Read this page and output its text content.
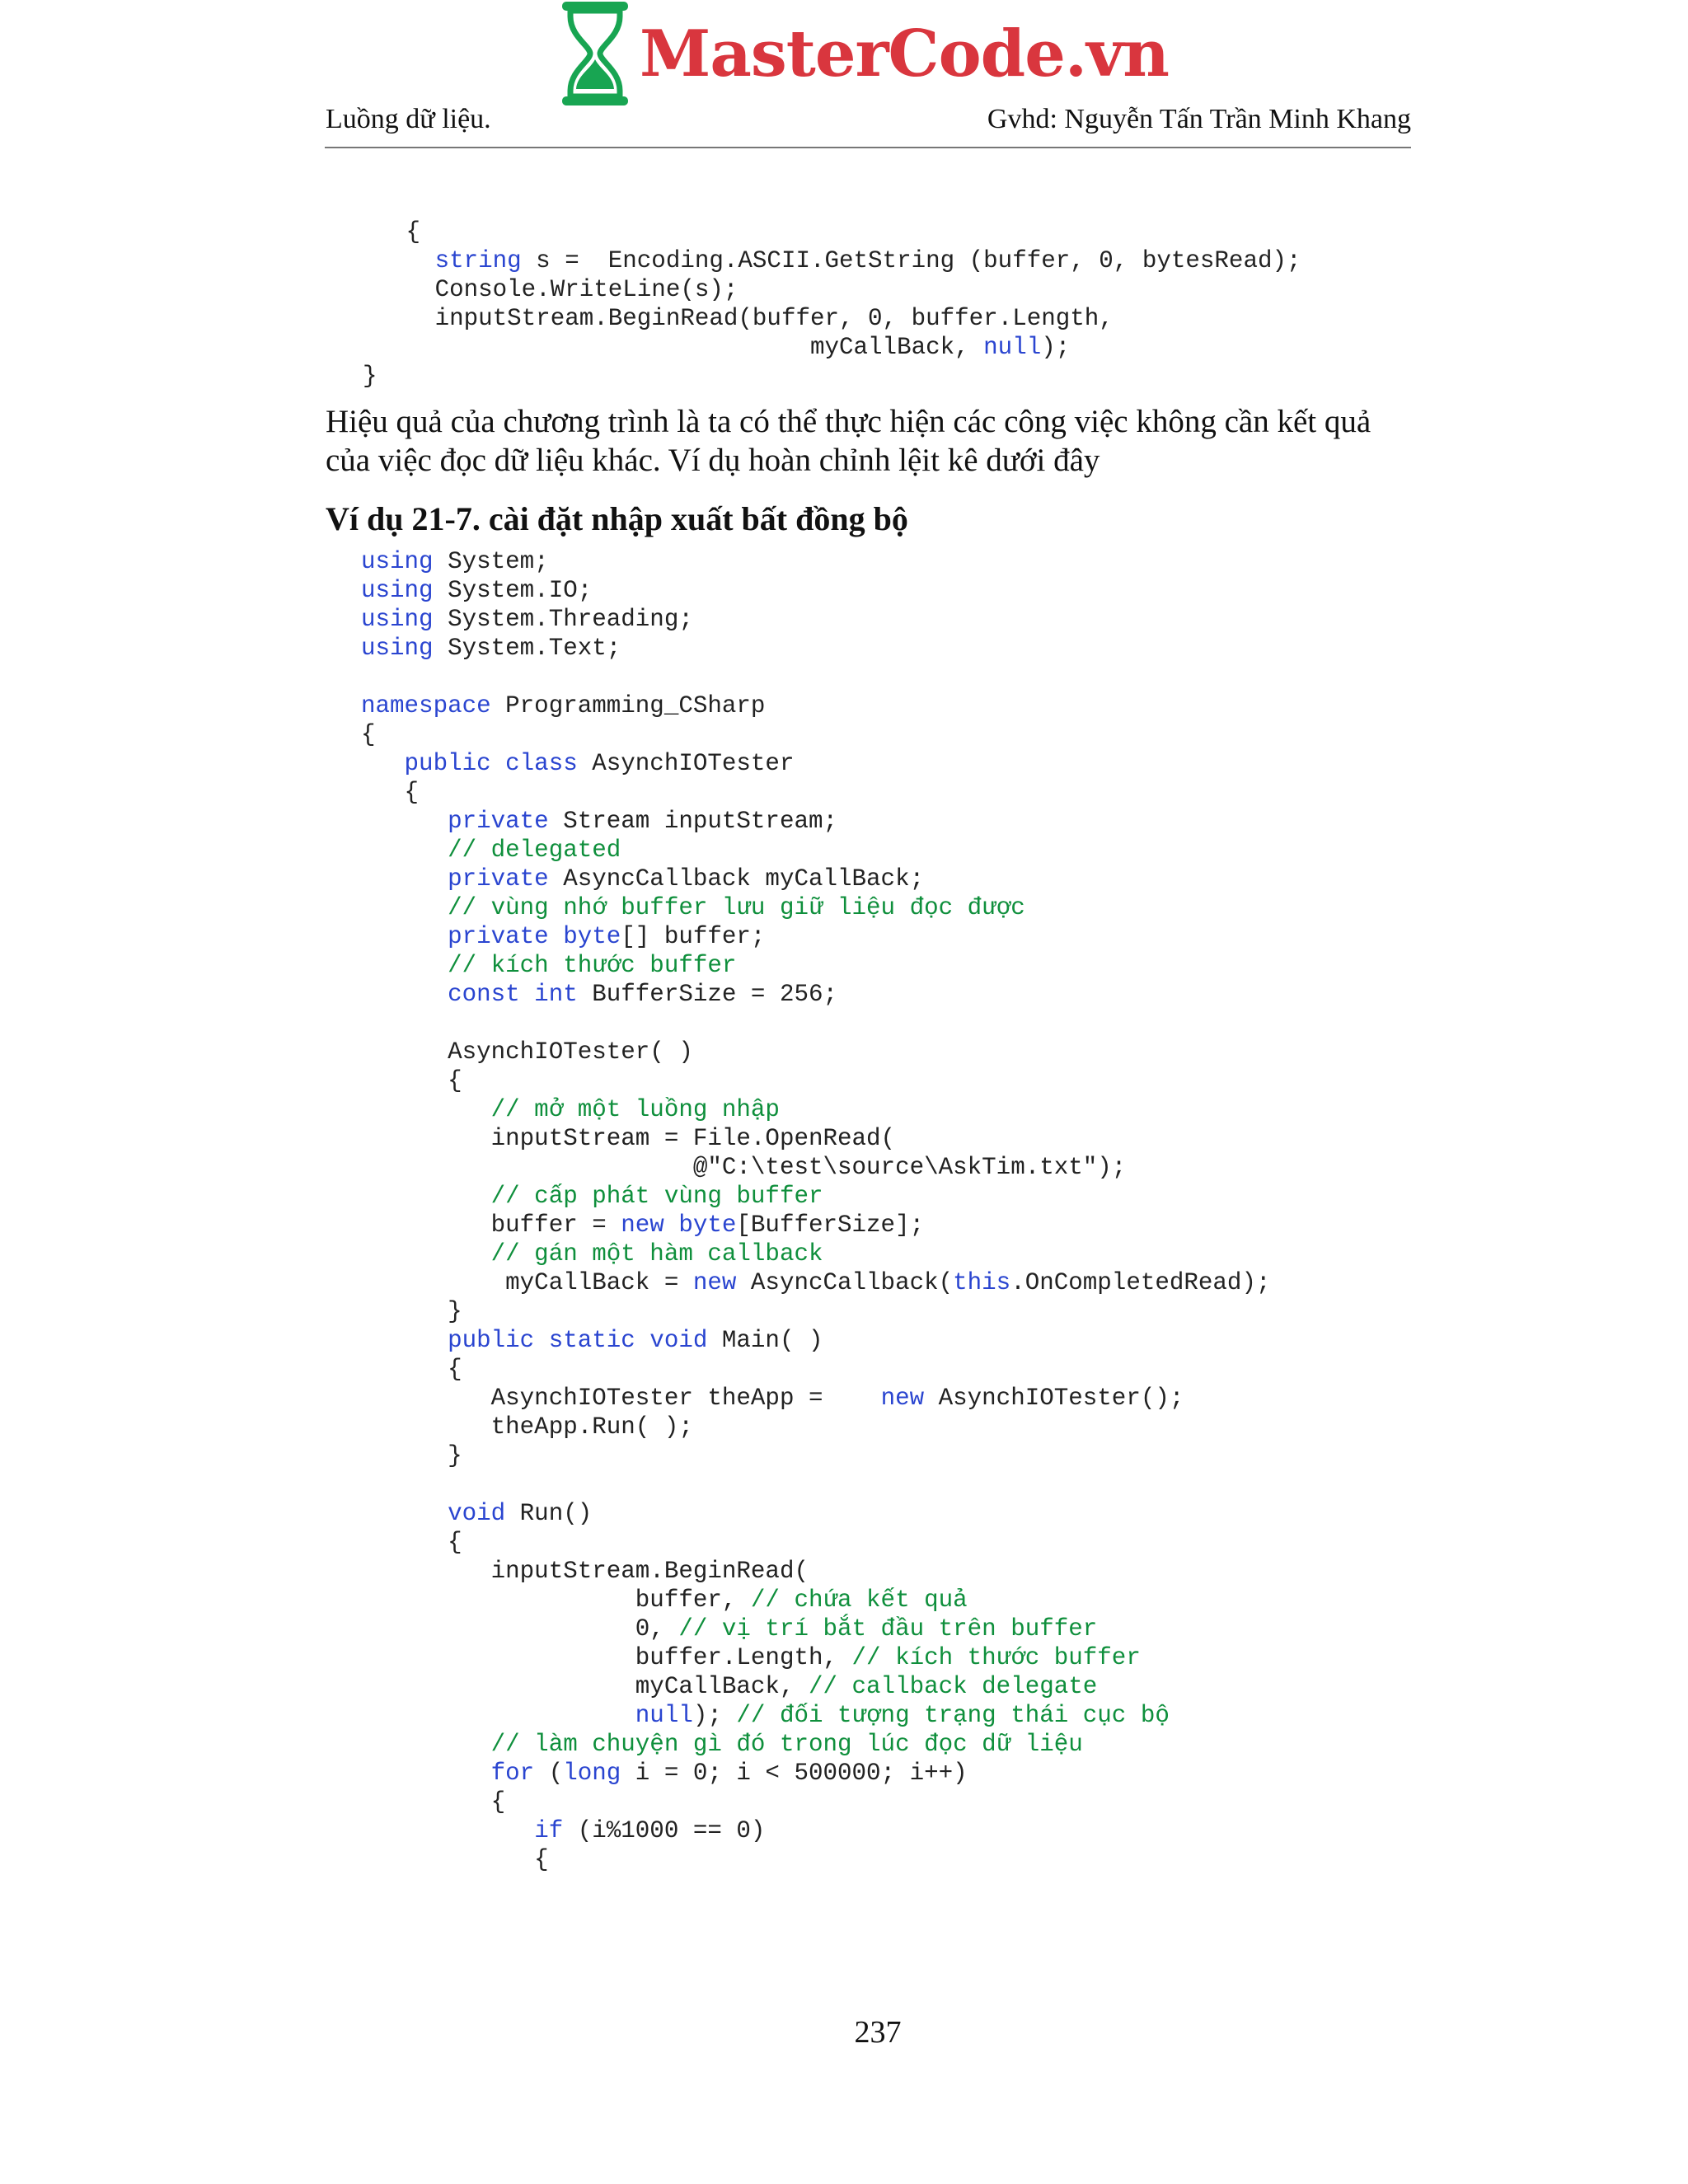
MasterCode.vn
Luồng dữ liệu.	Gvhd: Nguyễn Tấn Trần Minh Khang
{
string s =  Encoding.ASCII.GetString (buffer, 0, bytesRead);
Console.WriteLine(s);
inputStream.BeginRead(buffer, 0, buffer.Length,
myCallBack, null);
}
Hiệu quả của chương trình là ta có thể thực hiện các công việc không cần kết quả
của việc đọc dữ liệu khác. Ví dụ hoàn chỉnh lệit kê dưới đây
Ví dụ 21-7. cài đặt nhập xuất bất đồng bộ
using System;
using System.IO;
using System.Threading;
using System.Text;
namespace Programming_CSharp
{
public class AsynchIOTester
{
private Stream inputStream;
// delegated
private AsyncCallback myCallBack;
// vùng nhớ buffer lưu giữ liệu đọc được
private byte[] buffer;
// kích thước buffer
const int BufferSize = 256;
AsynchIOTester( )
{
// mở một luồng nhập
inputStream = File.OpenRead(
@"C:\test\source\AskTim.txt");
// cấp phát vùng buffer
buffer = new byte[BufferSize];
// gán một hàm callback
myCallBack = new AsyncCallback(this.OnCompletedRead);
}
public static void Main( )
{
AsynchIOTester theApp =    new AsynchIOTester();
theApp.Run( );
}
void Run()
{
inputStream.BeginRead(
buffer, // chứa kết quả
0, // vị trí bắt đầu trên buffer
buffer.Length, // kích thước buffer
myCallBack, // callback delegate
null); // đối tượng trạng thái cục bộ
// làm chuyện gì đó trong lúc đọc dữ liệu
for (long i = 0; i < 500000; i++)
{
if (i%1000 == 0)
{
237
